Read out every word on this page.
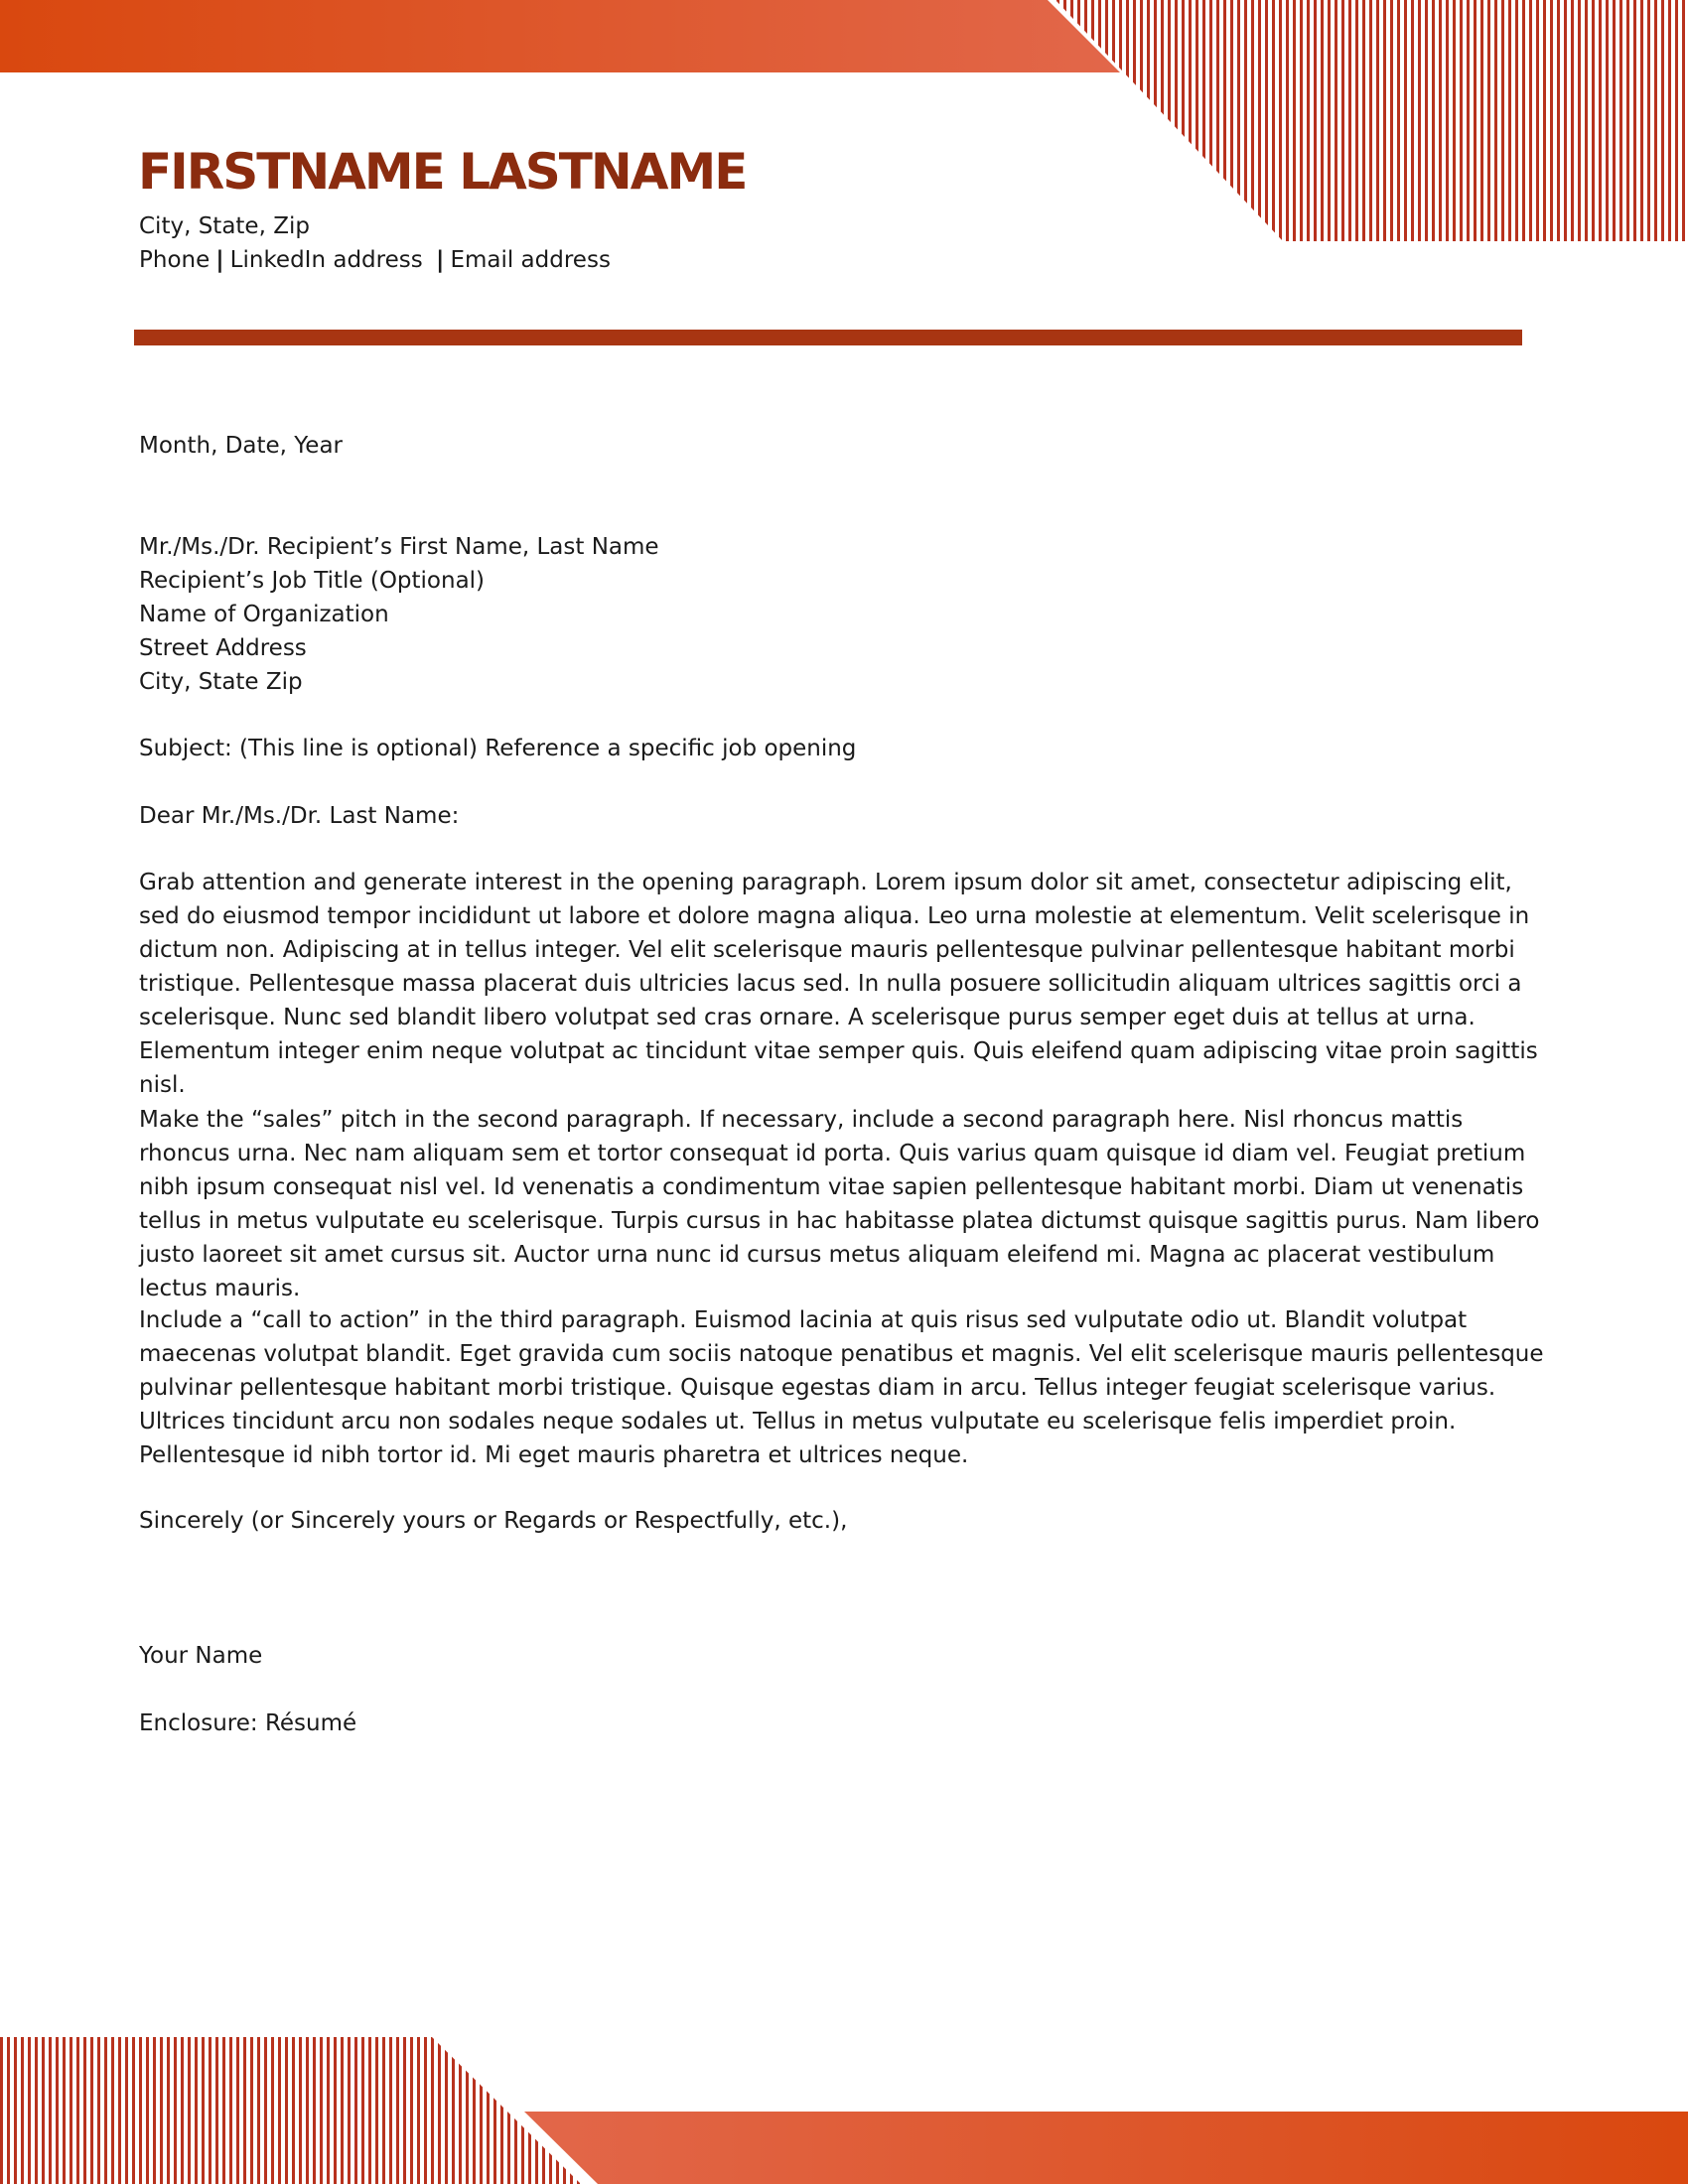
FIRSTNAME LASTNAME
City, State, Zip
Phone | LinkedIn address | Email address
Month, Date, Year
Mr./Ms./Dr. Recipient’s First Name, Last Name
Recipient’s Job Title (Optional)
Name of Organization
Street Address
City, State Zip
Subject: (This line is optional) Reference a specific job opening
Dear Mr./Ms./Dr. Last Name:

Grab attention and generate interest in the opening paragraph. Lorem ipsum dolor sit amet, consectetur adipiscing elit, sed do eiusmod tempor incididunt ut labore et dolore magna aliqua. Leo urna molestie at elementum. Velit scelerisque in dictum non. Adipiscing at in tellus integer. Vel elit scelerisque mauris pellentesque pulvinar pellentesque habitant morbi tristique. Pellentesque massa placerat duis ultricies lacus sed. In nulla posuere sollicitudin aliquam ultrices sagittis orci a scelerisque. Nunc sed blandit libero volutpat sed cras ornare. A scelerisque purus semper eget duis at tellus at urna. Elementum integer enim neque volutpat ac tincidunt vitae semper quis. Quis eleifend quam adipiscing vitae proin sagittis nisl.

Make the “sales” pitch in the second paragraph. If necessary, include a second paragraph here. Nisl rhoncus mattis rhoncus urna. Nec nam aliquam sem et tortor consequat id porta. Quis varius quam quisque id diam vel. Feugiat pretium nibh ipsum consequat nisl vel. Id venenatis a condimentum vitae sapien pellentesque habitant morbi. Diam ut venenatis tellus in metus vulputate eu scelerisque. Turpis cursus in hac habitasse platea dictumst quisque sagittis purus. Nam libero justo laoreet sit amet cursus sit. Auctor urna nunc id cursus metus aliquam eleifend mi. Magna ac placerat vestibulum lectus mauris.

Include a “call to action” in the third paragraph. Euismod lacinia at quis risus sed vulputate odio ut. Blandit volutpat maecenas volutpat blandit. Eget gravida cum sociis natoque penatibus et magnis. Vel elit scelerisque mauris pellentesque pulvinar pellentesque habitant morbi tristique. Quisque egestas diam in arcu. Tellus integer feugiat scelerisque varius. Ultrices tincidunt arcu non sodales neque sodales ut. Tellus in metus vulputate eu scelerisque felis imperdiet proin. Pellentesque id nibh tortor id. Mi eget mauris pharetra et ultrices neque.

Sincerely (or Sincerely yours or Regards or Respectfully, etc.),
Your Name
Enclosure: Résumé
